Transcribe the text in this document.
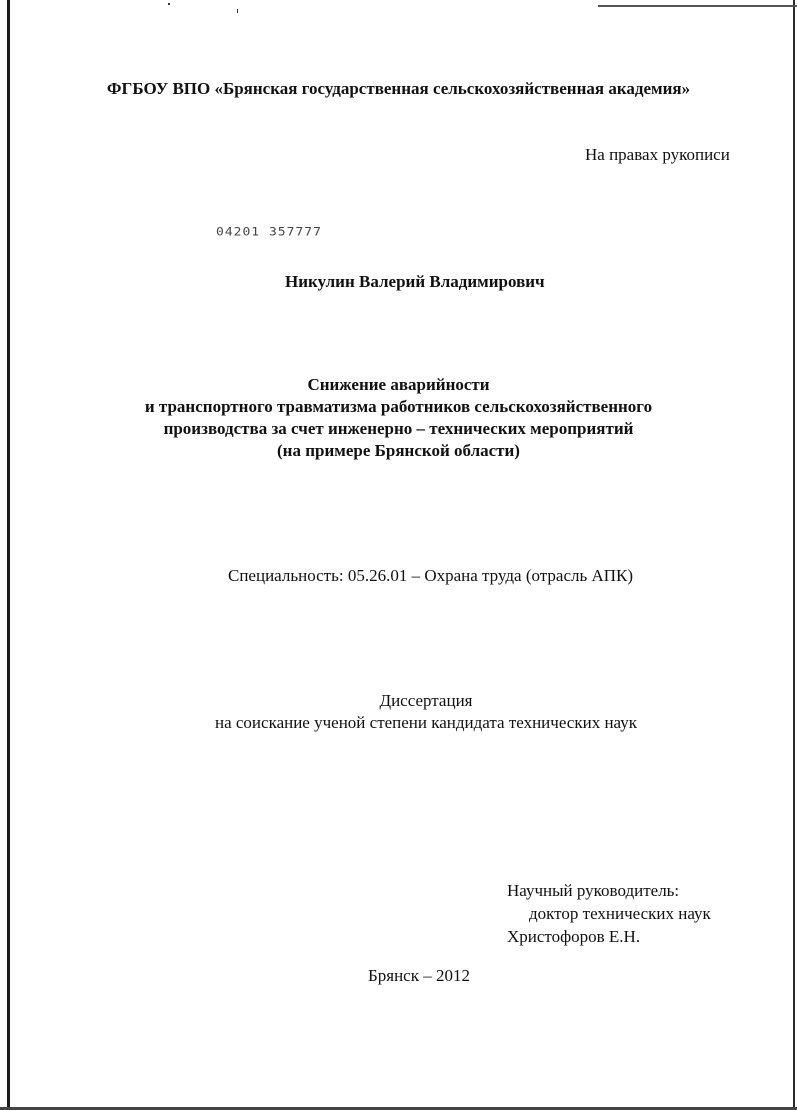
ФГБОУ ВПО «Брянская государственная сельскохозяйственная академия»
На правах рукописи
04201 357777
Никулин Валерий Владимирович
Снижение аварийности
и транспортного травматизма работников сельскохозяйственного
производства за счет инженерно – технических мероприятий
(на примере Брянской области)
Специальность: 05.26.01 – Охрана труда (отрасль АПК)
Диссертация
на соискание ученой степени кандидата технических наук
Научный руководитель:
доктор технических наук
Христофоров Е.Н.
Брянск – 2012
